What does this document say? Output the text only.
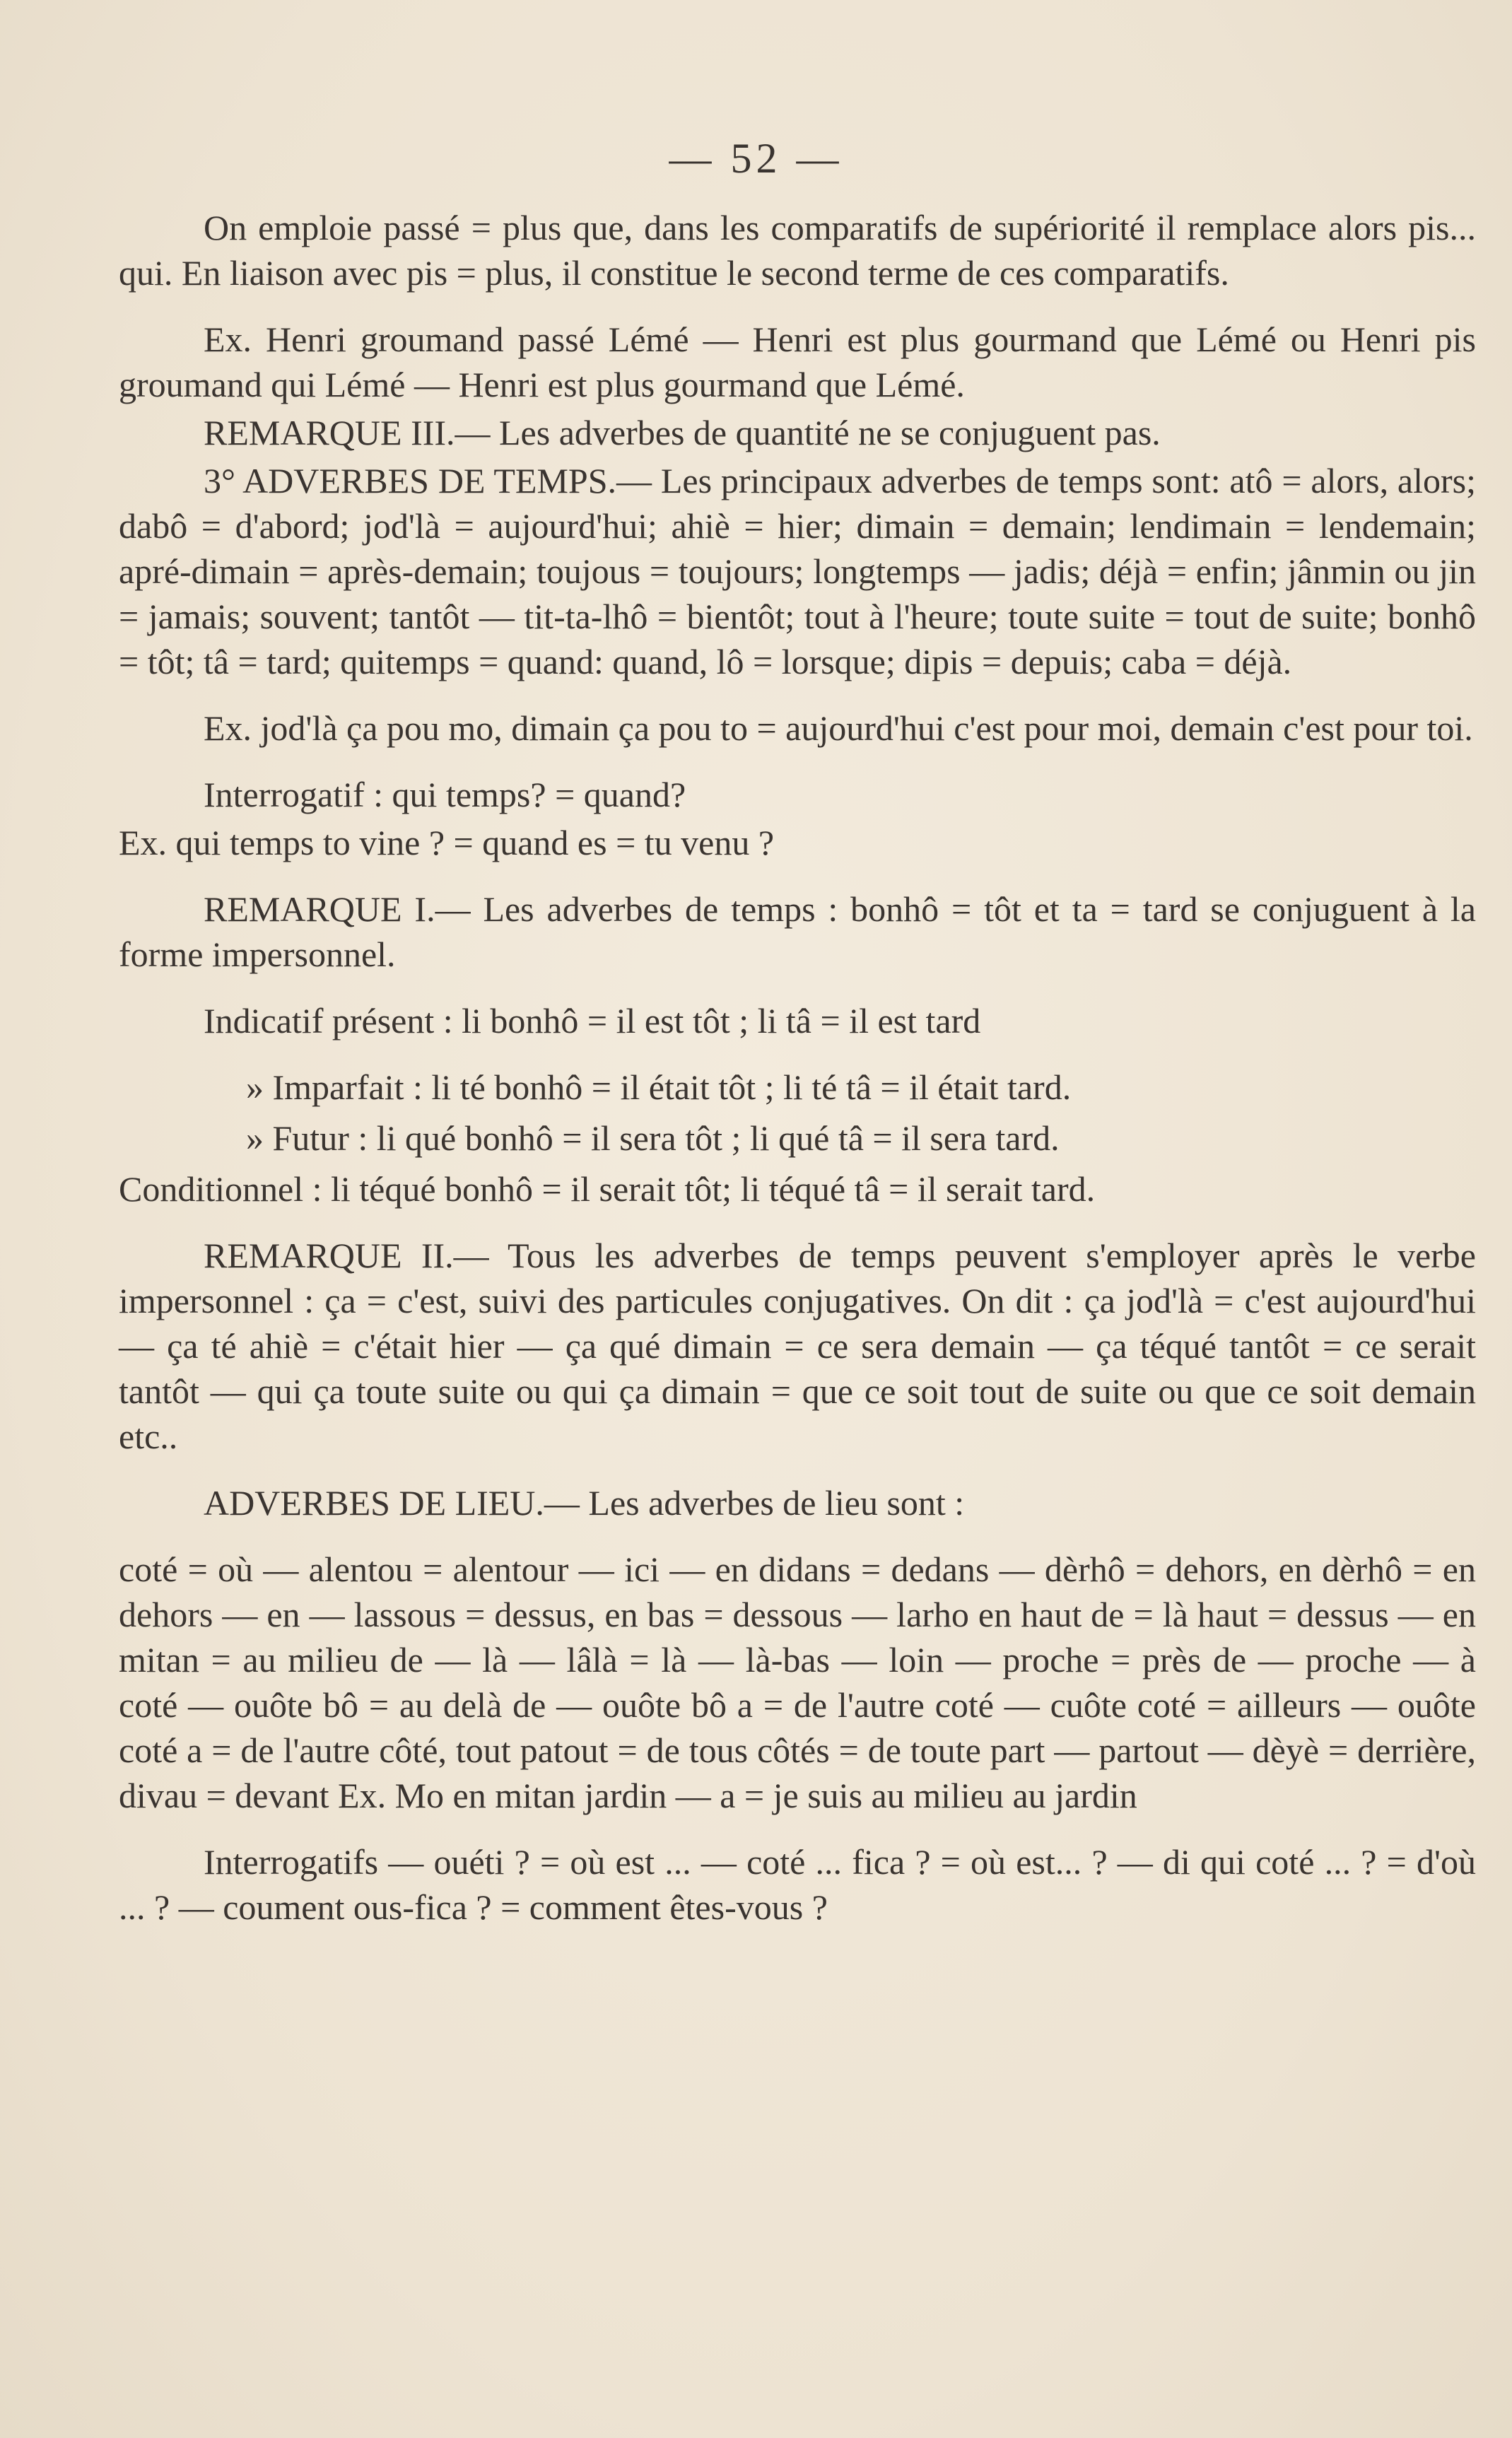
— 52 —

On emploie passé = plus que, dans les comparatifs de supériorité il remplace alors pis... qui. En liaison avec pis = plus, il constitue le second terme de ces comparatifs.

Ex. Henri groumand passé Lémé — Henri est plus gourmand que Lémé ou Henri pis groumand qui Lémé — Henri est plus gourmand que Lémé.

REMARQUE III.— Les adverbes de quantité ne se conjuguent pas.

3° ADVERBES DE TEMPS.— Les principaux adverbes de temps sont: atô = alors, alors; dabô = d'abord; jod'là = aujourd'hui; ahiè = hier; dimain = demain; lendimain = lendemain; apré-dimain = après-demain; toujous = toujours; longtemps — jadis; déjà = enfin; jânmin ou jin = jamais; souvent; tantôt — tit-ta-lhô = bientôt; tout à l'heure; toute suite = tout de suite; bonhô = tôt; tâ = tard; quitemps = quand: quand, lô = lorsque; dipis = depuis; caba = déjà.

Ex. jod'là ça pou mo, dimain ça pou to = aujourd'hui c'est pour moi, demain c'est pour toi.

Interrogatif : qui temps? = quand?

Ex. qui temps to vine ? = quand es = tu venu ?

REMARQUE I.— Les adverbes de temps : bonhô = tôt et ta = tard se conjuguent à la forme impersonnel.

Indicatif présent : li bonhô = il est tôt ; li tâ = il est tard

» Imparfait : li té bonhô = il était tôt ; li té tâ = il était tard.

» Futur : li qué bonhô = il sera tôt ; li qué tâ = il sera tard.

Conditionnel : li téqué bonhô = il serait tôt; li téqué tâ = il serait tard.

REMARQUE II.— Tous les adverbes de temps peuvent s'employer après le verbe impersonnel : ça = c'est, suivi des particules conjugatives. On dit : ça jod'là = c'est aujourd'hui — ça té ahiè = c'était hier — ça qué dimain = ce sera demain — ça téqué tantôt = ce serait tantôt — qui ça toute suite ou qui ça dimain = que ce soit tout de suite ou que ce soit demain etc..

ADVERBES DE LIEU.— Les adverbes de lieu sont :

coté = où — alentou = alentour — ici — en didans = dedans — dèrhô = dehors, en dèrhô = en dehors — en — lassous = dessus, en bas = dessous — larho en haut de = là haut = dessus — en mitan = au milieu de — là — lâlà = là — là-bas — loin — proche = près de — proche — à coté — ouôte bô = au delà de — ouôte bô a = de l'autre coté — cuôte coté = ailleurs — ouôte coté a = de l'autre côté, tout patout = de tous côtés = de toute part — partout — dèyè = derrière, divau = devant Ex. Mo en mitan jardin — a = je suis au milieu au jardin

Interrogatifs — ouéti ? = où est ... — coté ... fica ? = où est... ? — di qui coté ... ? = d'où ... ? — coument ous-fica ? = comment êtes-vous ?
